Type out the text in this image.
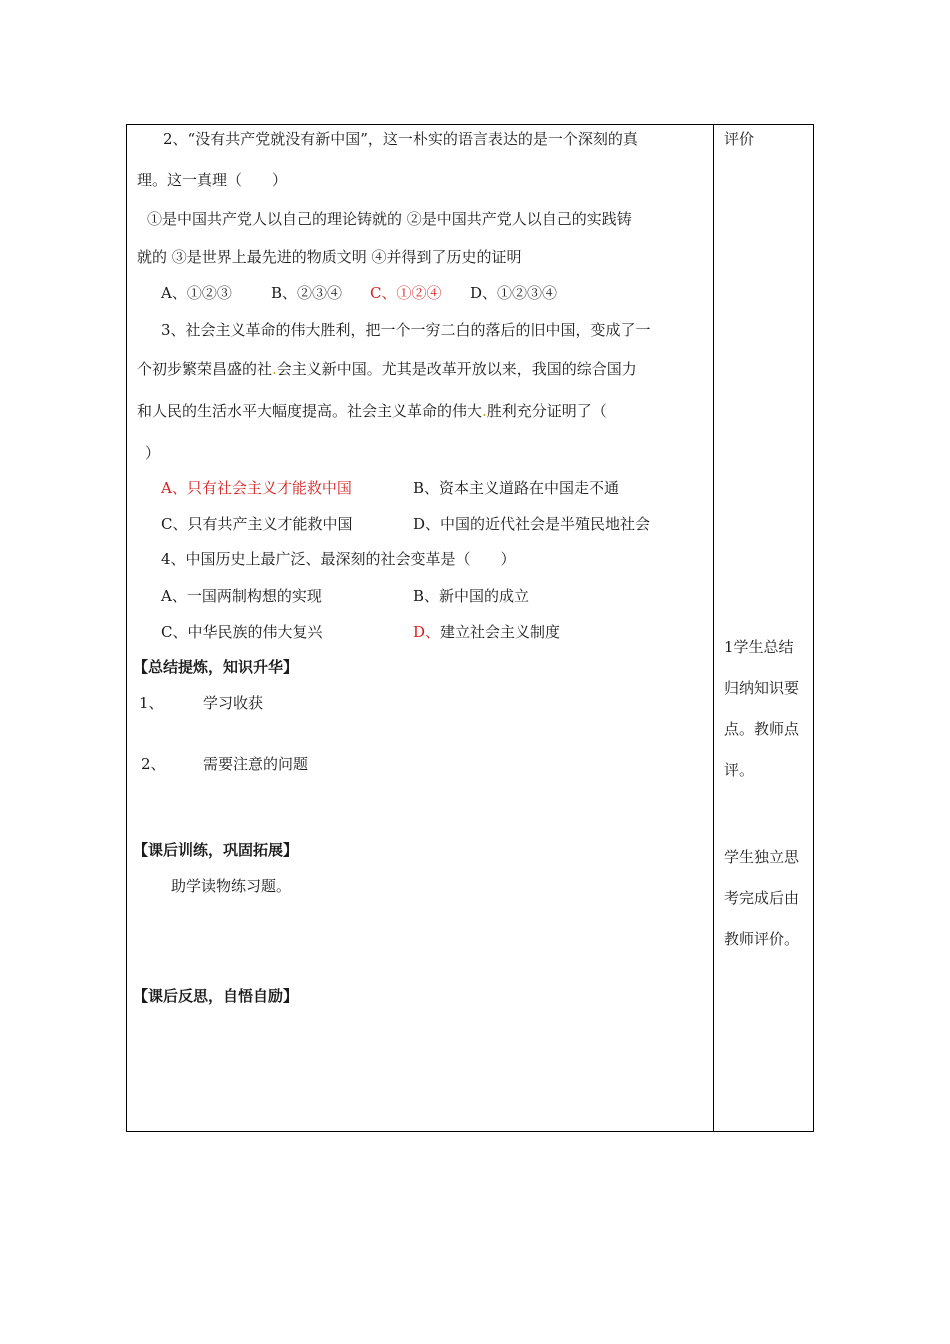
2、“没有共产党就没有新中国”，这一朴实的语言表达的是一个深刻的真
理。这一真理（　　）
①是中国共产党人以自己的理论铸就的 ②是中国共产党人以自己的实践铸
就的 ③是世界上最先进的物质文明 ④并得到了历史的证明
A、①②③	B、②③④ C、①②④ D、①②③④
3、社会主义革命的伟大胜利，把一个一穷二白的落后的旧中国，变成了一
个初步繁荣昌盛的社.会主义新中国。尤其是改革开放以来，我国的综合国力
和人民的生活水平大幅度提高。社会主义革命的伟大.胜利充分证明了（
）
A、只有社会主义才能救中国	B、资本主义道路在中国走不通
C、只有共产主义才能救中国	D、中国的近代社会是半殖民地社会
4、中国历史上最广泛、最深刻的社会变革是（　　）
A、一国两制构想的实现	B、新中国的成立
C、中华民族的伟大复兴	D、建立社会主义制度
【总结提炼，知识升华】
1、	学习收获
2、 需要注意的问题
【课后训练，巩固拓展】
助学读物练习题。
【课后反思，自悟自励】
评价
1学生总结
归纳知识要
点。教师点
评。
学生独立思
考完成后由
教师评价。
